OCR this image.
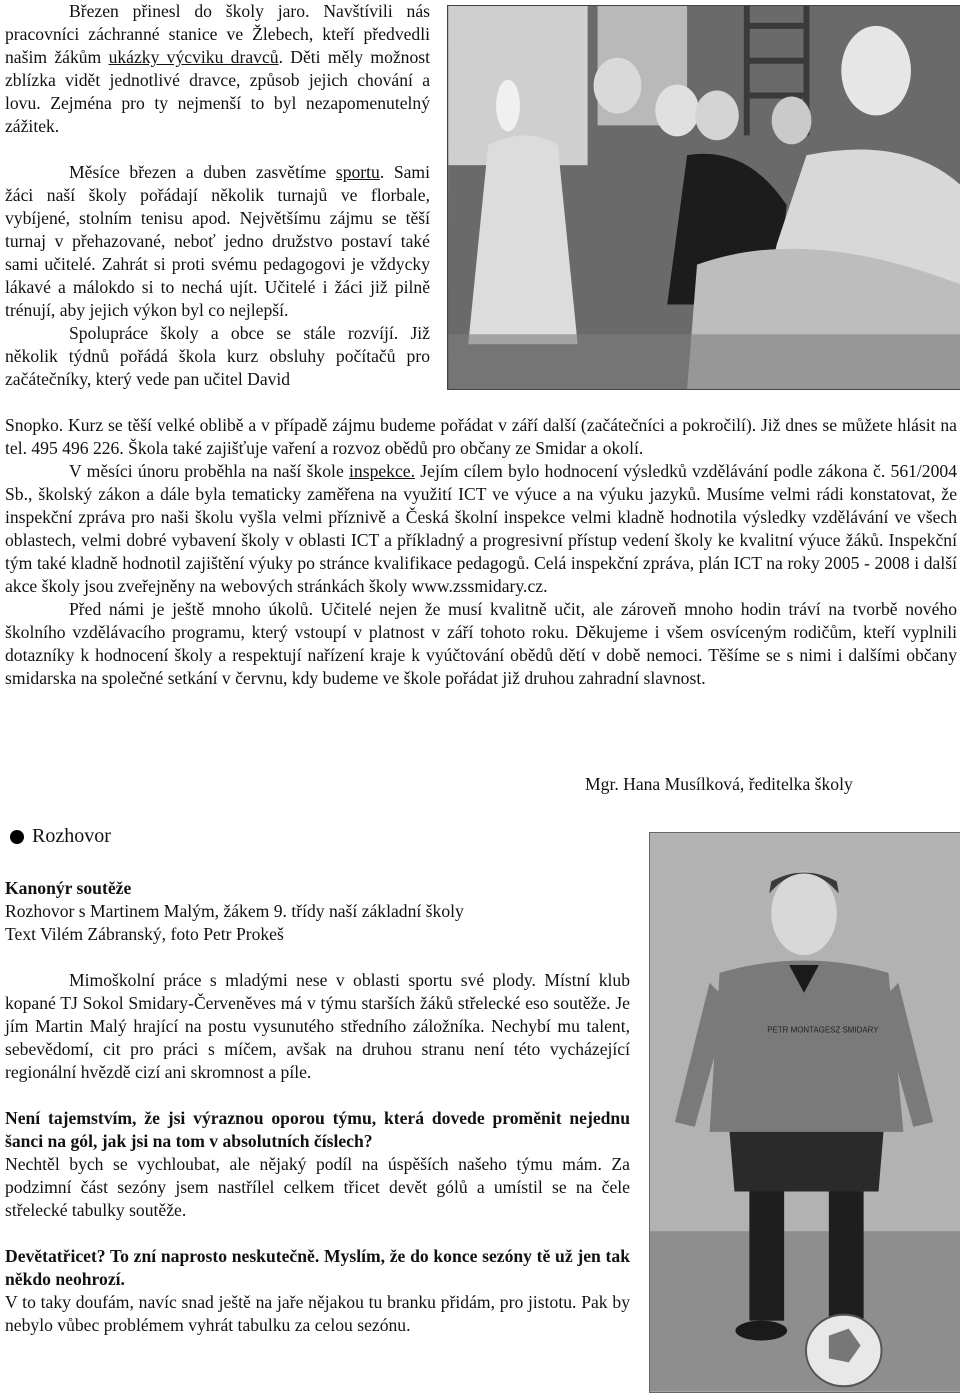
Březen přinesl do školy jaro. Navštívili nás pracovníci záchranné stanice ve Žlebech, kteří předvedli našim žákům ukázky výcviku dravců. Děti měly možnost zblízka vidět jednotlivé dravce, způsob jejich chování a lovu. Zejména pro ty nejmenší to byl nezapomenutelný zážitek.

Měsíce březen a duben zasvětíme sportu. Sami žáci naší školy pořádají několik turnajů ve florbale, vybíjené, stolním tenisu apod. Největšímu zájmu se těší turnaj v přehazované, neboť jedno družstvo postaví také sami učitelé. Zahrát si proti svému pedagogovi je vždycky lákavé a málokdo si to nechá ujít. Učitelé i žáci již pilně trénují, aby jejich výkon byl co nejlepší.

Spolupráce školy a obce se stále rozvíjí. Již několik týdnů pořádá škola kurz obsluhy počítačů pro začátečníky, který vede pan učitel David

Snopko. Kurz se těší velké oblibě a v případě zájmu budeme pořádat v září další (začátečníci a pokročilí). Již dnes se můžete hlásit na tel. 495 496 226. Škola také zajišťuje vaření a rozvoz obědů pro občany ze Smidar a okolí.

V měsíci únoru proběhla na naší škole inspekce. Jejím cílem bylo hodnocení výsledků vzdělávání podle zákona č. 561/2004 Sb., školský zákon a dále byla tematicky zaměřena na využití ICT ve výuce a na výuku jazyků. Musíme velmi rádi konstatovat, že inspekční zpráva pro naši školu vyšla velmi příznivě a Česká školní inspekce velmi kladně hodnotila výsledky vzdělávání ve všech oblastech, velmi dobré vybavení školy v oblasti ICT a příkladný a progresivní přístup vedení školy ke kvalitní výuce žáků. Inspekční tým také kladně hodnotil zajištění výuky po stránce kvalifikace pedagogů. Celá inspekční zpráva, plán ICT na roky 2005 - 2008 i další akce školy jsou zveřejněny na webových stránkách školy www.zssmidary.cz.

Před námi je ještě mnoho úkolů. Učitelé nejen že musí kvalitně učit, ale zároveň mnoho hodin tráví na tvorbě nového školního vzdělávacího programu, který vstoupí v platnost v září tohoto roku. Děkujeme i všem osvíceným rodičům, kteří vyplnili dotazníky k hodnocení školy a respektují nařízení kraje k vyúčtování obědů dětí v době nemoci. Těšíme se s nimi i dalšími občany smidarska na společné setkání v červnu, kdy budeme ve škole pořádat již druhou zahradní slavnost.

Mgr. Hana Musílková, ředitelka školy
Rozhovor

Kanonýr soutěže

Rozhovor s Martinem Malým, žákem 9. třídy naší základní školy

Text Vilém Zábranský, foto Petr Prokeš

Mimoškolní práce s mladými nese v oblasti sportu své plody. Místní klub kopané TJ Sokol Smidary-Červeněves má v týmu starších žáků střelecké eso soutěže. Je jím Martin Malý hrající na postu vysunutého středního záložníka. Nechybí mu talent, sebevědomí, cit pro práci s míčem, avšak na druhou stranu není této vycházející regionální hvězdě cizí ani skromnost a píle.

Není tajemstvím, že jsi výraznou oporou týmu, která dovede proměnit nejednu šanci na gól, jak jsi na tom v absolutních číslech?

Nechtěl bych se vychloubat, ale nějaký podíl na úspěších našeho týmu mám. Za podzimní část sezóny jsem nastřílel celkem třicet devět gólů a umístil se na čele střelecké tabulky soutěže.

Devětatřicet? To zní naprosto neskutečně. Myslím, že do konce sezóny tě už jen tak někdo neohrozí.

V to taky doufám, navíc snad ještě na jaře nějakou tu branku přidám, pro jistotu. Pak by nebylo vůbec problémem vyhrát tabulku za celou sezónu.

PETR MONTAGESZ SMIDARY
